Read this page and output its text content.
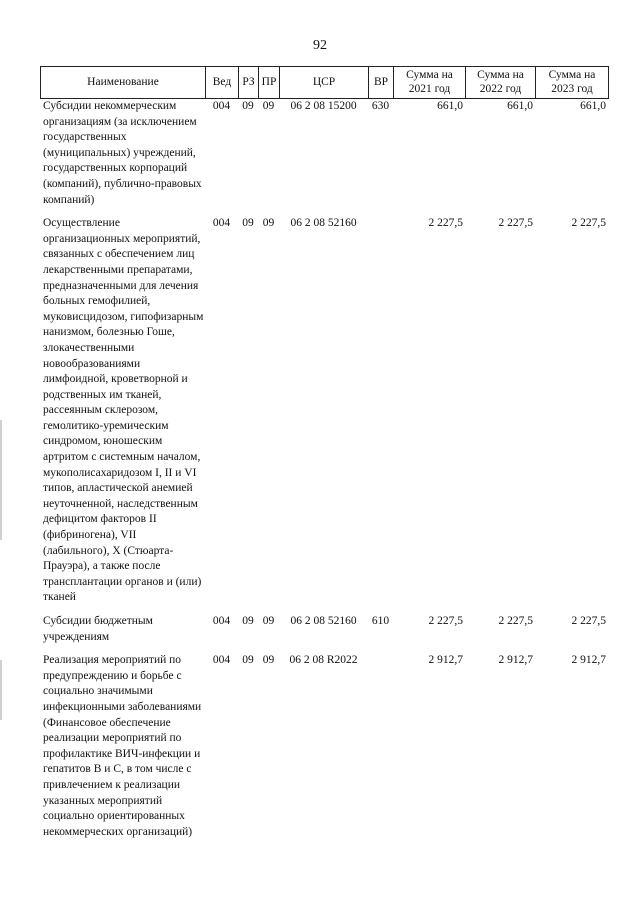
92
Наименование	Вед	РЗ	ПР	ЦСР	ВР	Сумма на 2021 год	Сумма на 2022 год	Сумма на 2023 год
Субсидии некоммерческим организациям (за исключением государственных (муниципальных) учреждений, государственных корпораций (компаний), публично-правовых компаний)	004	09	09	06 2 08 15200	630	661,0	661,0	661,0
Осуществление организационных мероприятий, связанных с обеспечением лиц лекарственными препаратами, предназначенными для лечения больных гемофилией, муковисцидозом, гипофизарным нанизмом, болезнью Гоше, злокачественными новообразованиями лимфоидной, кроветворной и родственных им тканей, рассеянным склерозом, гемолитико-уремическим синдромом, юношеским артритом с системным началом, мукополисахаридозом I, II и VI типов, апластической анемией неуточненной, наследственным дефицитом факторов II (фибриногена), VII (лабильного), X (Стюарта-Прауэра), а также после трансплантации органов и (или) тканей	004	09	09	06 2 08 52160		2 227,5	2 227,5	2 227,5
Субсидии бюджетным учреждениям	004	09	09	06 2 08 52160	610	2 227,5	2 227,5	2 227,5
Реализация мероприятий по предупреждению и борьбе с социально значимыми инфекционными заболеваниями (Финансовое обеспечение реализации мероприятий по профилактике ВИЧ-инфекции и гепатитов В и С, в том числе с привлечением к реализации указанных мероприятий социально ориентированных некоммерческих организаций)	004	09	09	06 2 08 R2022		2 912,7	2 912,7	2 912,7
